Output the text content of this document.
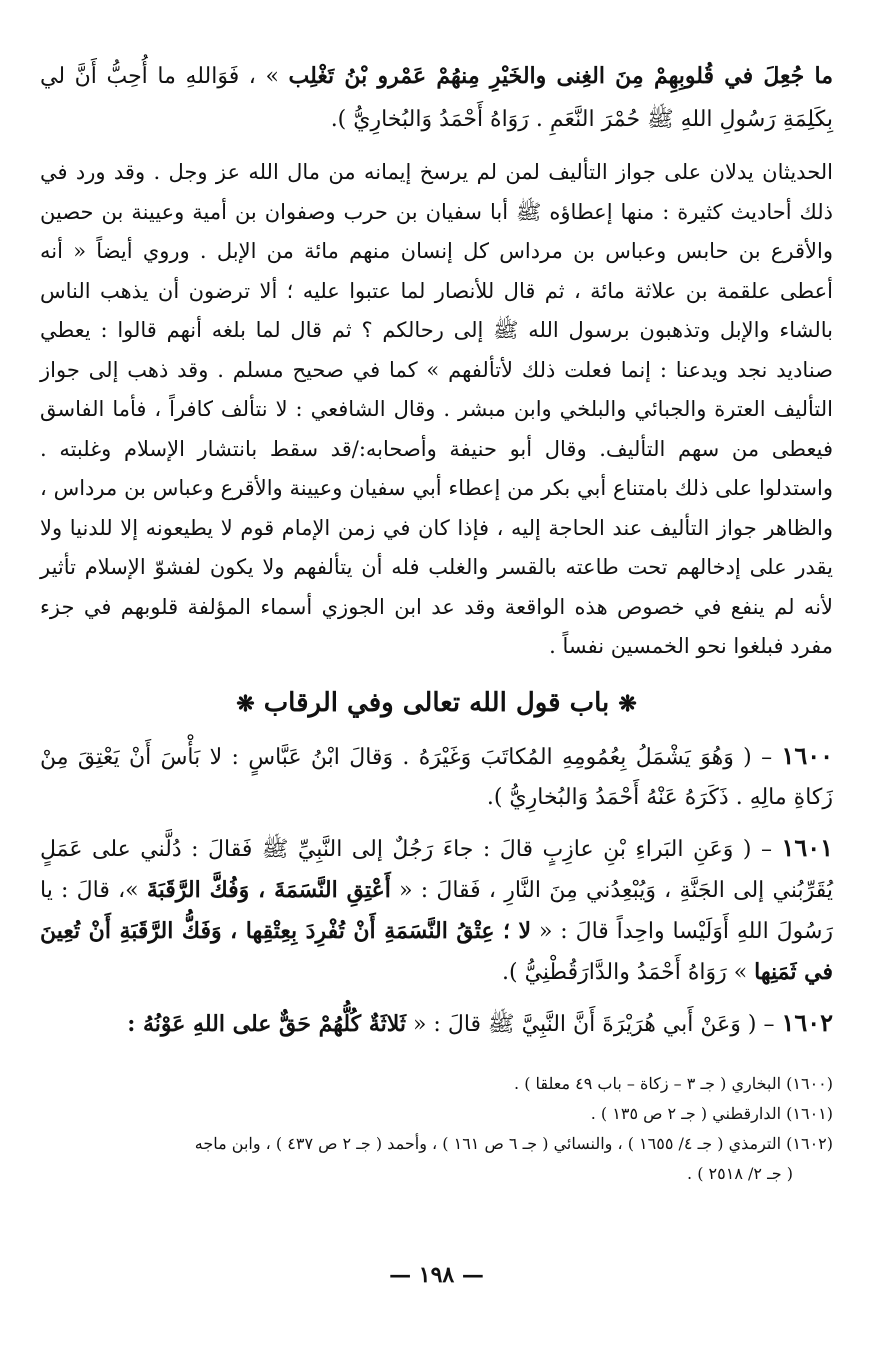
ما جُعِلَ في قُلوبِهِمْ مِنَ الغِنى والخَيْرِ مِنهُمْ عَمْرو بْنُ تَغْلِب » ، فَوَاللهِ ما أُحِبُّ أَنَّ لي بِكَلِمَةِ رَسُولِ اللهِ ﷺ حُمْرَ النَّعَمِ . رَوَاهُ أَحْمَدُ وَالبُخارِيُّ ).

الحديثان يدلان على جواز التأليف لمن لم يرسخ إيمانه من مال الله عز وجل . وقد ورد في ذلك أحاديث كثيرة : منها إعطاؤه ﷺ أبا سفيان بن حرب وصفوان بن أمية وعيينة بن حصين والأقرع بن حابس وعباس بن مرداس كل إنسان منهم مائة من الإبل . وروي أيضاً « أنه أعطى علقمة بن علاثة مائة ، ثم قال للأنصار لما عتبوا عليه ؛ ألا ترضون أن يذهب الناس بالشاء والإبل وتذهبون برسول الله ﷺ إلى رحالكم ؟ ثم قال لما بلغه أنهم قالوا : يعطي صناديد نجد ويدعنا : إنما فعلت ذلك لأتألفهم » كما في صحيح مسلم . وقد ذهب إلى جواز التأليف العترة والجبائي والبلخي وابن مبشر . وقال الشافعي : لا نتألف كافراً ، فأما الفاسق فيعطى من سهم التأليف. وقال أبو حنيفة وأصحابه:/قد سقط بانتشار الإسلام وغلبته . واستدلوا على ذلك بامتناع أبي بكر من إعطاء أبي سفيان وعيينة والأقرع وعباس بن مرداس ، والظاهر جواز التأليف عند الحاجة إليه ، فإذا كان في زمن الإمام قوم لا يطيعونه إلا للدنيا ولا يقدر على إدخالهم تحت طاعته بالقسر والغلب فله أن يتألفهم ولا يكون لفشوّ الإسلام تأثير لأنه لم ينفع في خصوص هذه الواقعة وقد عد ابن الجوزي أسماء المؤلفة قلوبهم في جزء مفرد فبلغوا نحو الخمسين نفساً .

❋ باب قول الله تعالى وفي الرقاب ❋

١٦٠٠ – ( وَهُوَ يَشْمَلُ بِعُمُومِهِ المُكاتَبَ وَغَيْرَهُ . وَقالَ ابْنُ عَبَّاسٍ : لا بَأْسَ أَنْ يَعْتِقَ مِنْ زَكاةِ مالِهِ . ذَكَرَهُ عَنْهُ أَحْمَدُ وَالبُخارِيُّ ).

١٦٠١ – ( وَعَنِ البَراءِ بْنِ عازِبٍ قالَ : جاءَ رَجُلٌ إلى النَّبِيِّ ﷺ فَقالَ : دُلَّني على عَمَلٍ يُقَرِّبُني إلى الجَنَّةِ ، وَيُبْعِدُني مِنَ النَّارِ ، فَقالَ : « أَعْتِقِ النَّسَمَةَ ، وَفُكَّ الرَّقَبَةَ »، قالَ : يا رَسُولَ اللهِ أَوَلَيْسا واحِداً قالَ : « لا ؛ عِتْقُ النَّسَمَةِ أَنْ تُفْرِدَ بِعِتْقِها ، وَفَكُّ الرَّقَبَةِ أَنْ تُعِينَ في ثَمَنِها » رَوَاهُ أَحْمَدُ والدَّارَقُطْنِيُّ ).

١٦٠٢ – ( وَعَنْ أَبي هُرَيْرَةَ أَنَّ النَّبِيَّ ﷺ قالَ : « ثَلاثَةٌ كُلُّهُمْ حَقٌّ على اللهِ عَوْنُهُ :

(١٦٠٠) البخاري ( جـ ٣ – زكاة – باب ٤٩ معلقا ) .

(١٦٠١) الدارقطني ( جـ ٢ ص ١٣٥ ) .

(١٦٠٢) الترمذي ( جـ ٤/ ١٦٥٥ ) ، والنسائي ( جـ ٦ ص ١٦١ ) ، وأحمد ( جـ ٢ ص ٤٣٧ ) ، وابن ماجه

( جـ ٢/ ٢٥١٨ ) .

— ١٩٨ —
